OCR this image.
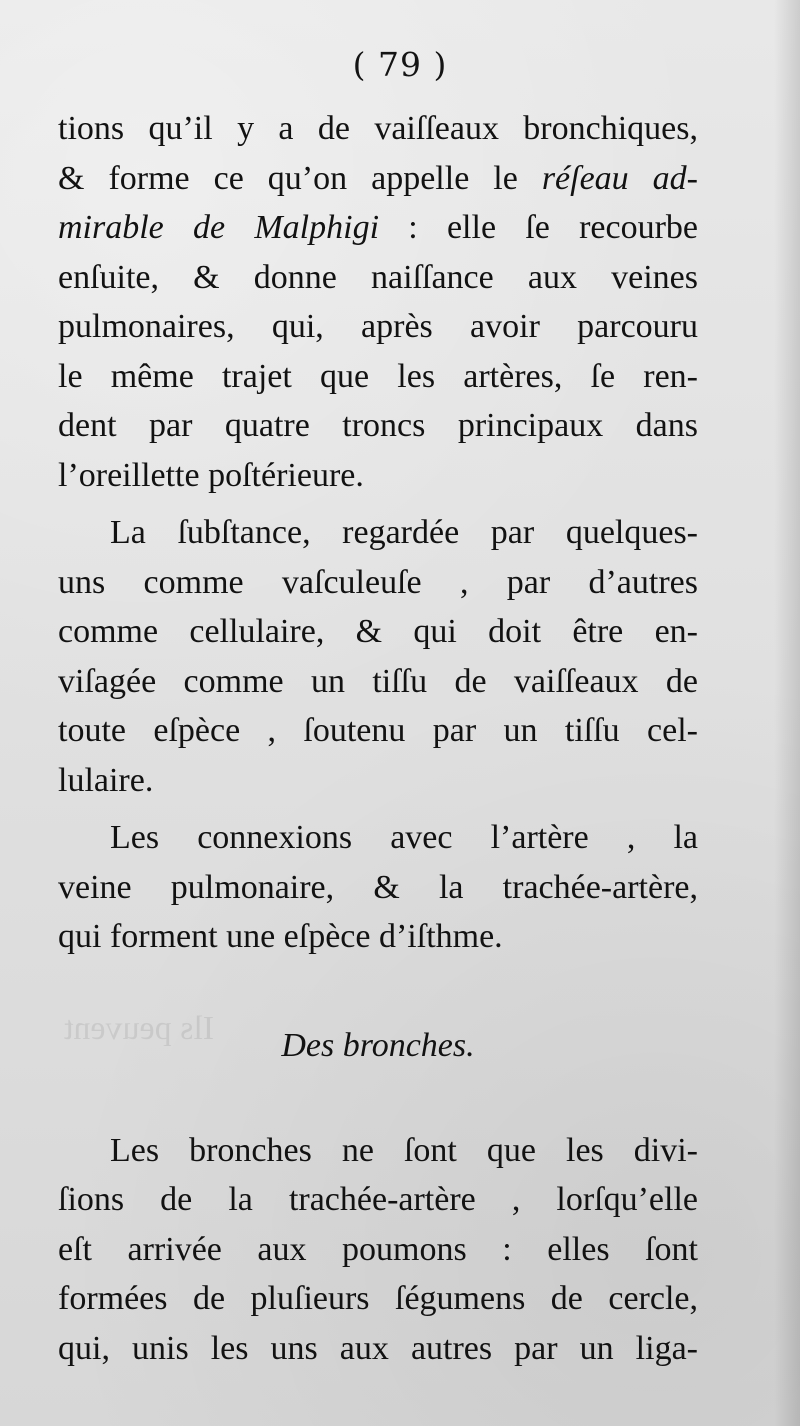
Ils peuvent
( 79 )
tions qu’il y a de vaiſſeaux bronchiques,
& forme ce qu’on appelle le réſeau ad-
mirable de Malphigi : elle ſe recourbe
enſuite, & donne naiſſance aux veines
pulmonaires, qui, après avoir parcouru
le même trajet que les artères, ſe ren-
dent par quatre troncs principaux dans
l’oreillette poſtérieure.
La ſubſtance, regardée par quelques-
uns comme vaſculeuſe , par d’autres
comme cellulaire, & qui doit être en-
viſagée comme un tiſſu de vaiſſeaux de
toute eſpèce , ſoutenu par un tiſſu cel-
lulaire.
Les connexions avec l’artère , la
veine pulmonaire, & la trachée-artère,
qui forment une eſpèce d’iſthme.
Des bronches.
Les bronches ne ſont que les divi-
ſions de la trachée-artère , lorſqu’elle
eſt arrivée aux poumons : elles ſont
formées de pluſieurs ſégumens de cercle,
qui, unis les uns aux autres par un liga-
